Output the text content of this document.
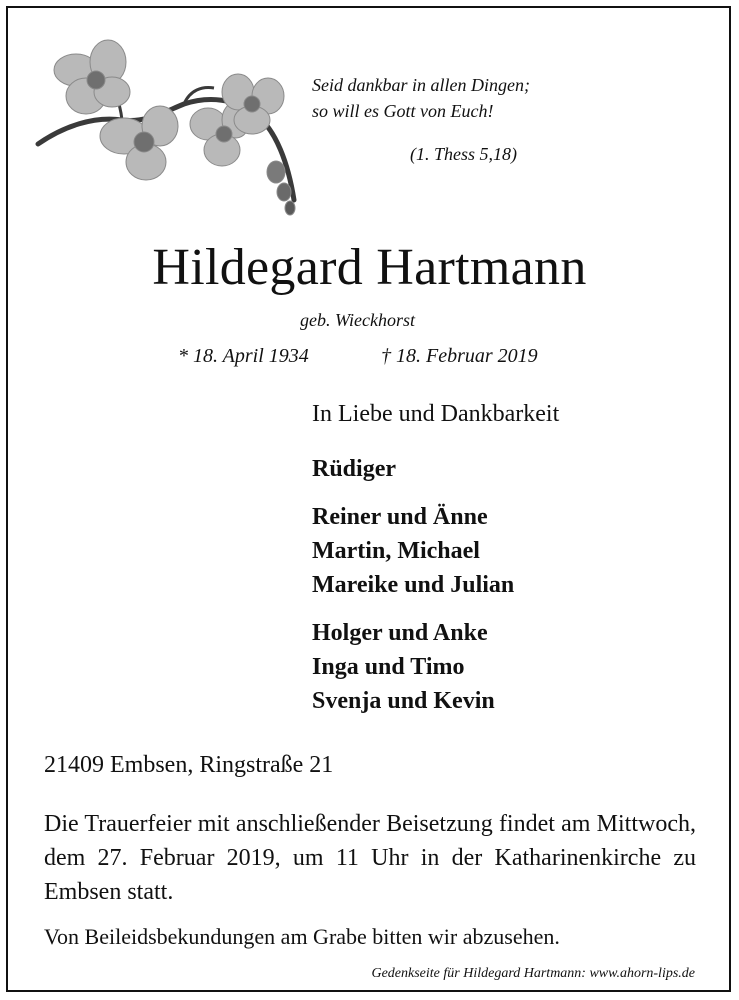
Seid dankbar in allen Dingen;
so will es Gott von Euch!
(1. Thess 5,18)
Hildegard Hartmann
geb. Wieckhorst
* 18. April 1934	† 18. Februar 2019
In Liebe und Dankbarkeit
Rüdiger
Reiner und Änne
Martin, Michael
Mareike und Julian
Holger und Anke
Inga und Timo
Svenja und Kevin
21409 Embsen, Ringstraße 21
Die Trauerfeier mit anschließender Beisetzung findet am Mittwoch, dem 27. Februar 2019, um 11 Uhr in der Katharinenkirche zu Embsen statt.
Von Beileidsbekundungen am Grabe bitten wir abzusehen.
Gedenkseite für Hildegard Hartmann: www.ahorn-lips.de
